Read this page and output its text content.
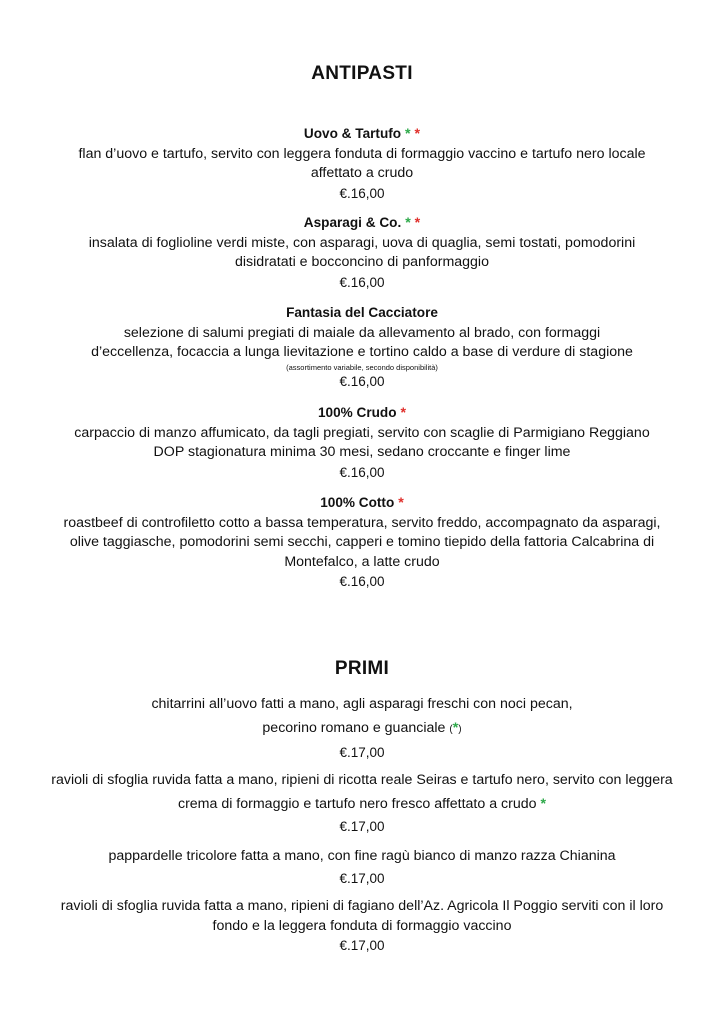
ANTIPASTI
Uovo & Tartufo * *
flan d’uovo e tartufo, servito con leggera fonduta di formaggio vaccino e tartufo nero locale affettato a crudo
€.16,00
Asparagi & Co. * *
insalata di foglioline verdi miste, con asparagi, uova di quaglia, semi tostati, pomodorini disidratati e bocconcino di panformaggio
€.16,00
Fantasia del Cacciatore
selezione di salumi pregiati di maiale da allevamento al brado, con formaggi
d’eccellenza, focaccia a lunga lievitazione e tortino caldo a base di verdure di stagione
(assortimento variabile, secondo disponibilità)
€.16,00
100% Crudo *
carpaccio di manzo affumicato, da tagli pregiati, servito con scaglie di Parmigiano Reggiano DOP stagionatura minima 30 mesi, sedano croccante e finger lime
€.16,00
100% Cotto *
roastbeef di controfiletto cotto a bassa temperatura, servito freddo, accompagnato da asparagi, olive taggiasche, pomodorini semi secchi, capperi e tomino tiepido della fattoria Calcabrina di Montefalco, a latte crudo
€.16,00
PRIMI
chitarrini all’uovo fatti a mano, agli asparagi freschi con noci pecan,
pecorino romano e guanciale (*)
€.17,00
ravioli di sfoglia ruvida fatta a mano, ripieni di ricotta reale Seiras e tartufo nero, servito con leggera crema di formaggio e tartufo nero fresco affettato a crudo *
€.17,00
pappardelle tricolore fatta a mano, con fine ragù bianco di manzo razza Chianina
€.17,00
ravioli di sfoglia ruvida fatta a mano, ripieni di fagiano dell’Az. Agricola Il Poggio serviti con il loro fondo e la leggera fonduta di formaggio vaccino
€.17,00
